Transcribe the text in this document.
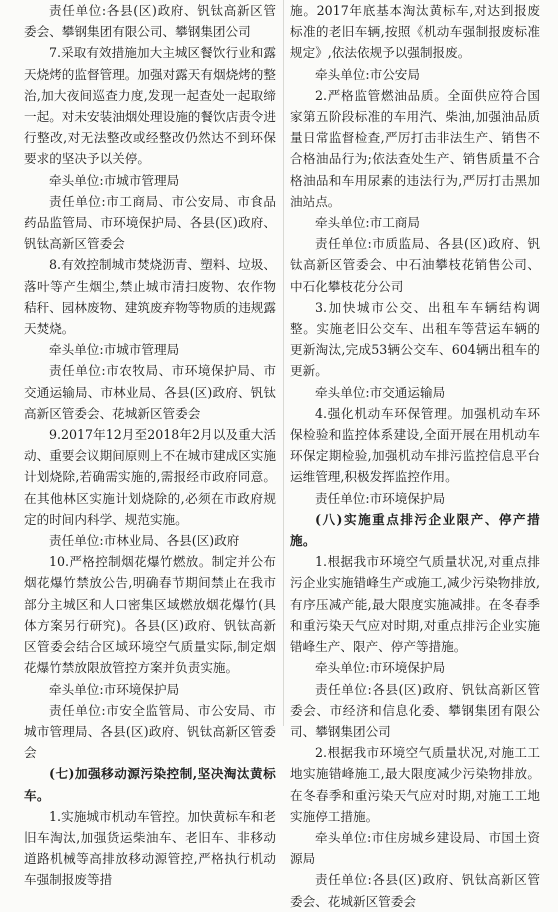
责任单位:各县(区)政府、钒钛高新区管委会、攀钢集团有限公司、攀钢集团公司

7.采取有效措施加大主城区餐饮行业和露天烧烤的监督管理。加强对露天有烟烧烤的整治,加大夜间巡查力度,发现一起查处一起取缔一起。对未安装油烟处理设施的餐饮店责令进行整改,对无法整改或经整改仍然达不到环保要求的坚决予以关停。

牵头单位:市城市管理局

责任单位:市工商局、市公安局、市食品药品监管局、市环境保护局、各县(区)政府、钒钛高新区管委会

8.有效控制城市焚烧沥青、塑料、垃圾、落叶等产生烟尘,禁止城市清扫废物、农作物秸秆、园林废物、建筑废弃物等物质的违规露天焚烧。

牵头单位:市城市管理局

责任单位:市农牧局、市环境保护局、市交通运输局、市林业局、各县(区)政府、钒钛高新区管委会、花城新区管委会

9.2017年12月至2018年2月以及重大活动、重要会议期间原则上不在城市建成区实施计划烧除,若确需实施的,需报经市政府同意。在其他林区实施计划烧除的,必须在市政府规定的时间内科学、规范实施。

责任单位:市林业局、各县(区)政府

10.严格控制烟花爆竹燃放。制定并公布烟花爆竹禁放公告,明确春节期间禁止在我市部分主城区和人口密集区域燃放烟花爆竹(具体方案另行研究)。各县(区)政府、钒钛高新区管委会结合区域环境空气质量实际,制定烟花爆竹禁放限放管控方案并负责实施。

牵头单位:市环境保护局

责任单位:市安全监管局、市公安局、市城市管理局、各县(区)政府、钒钛高新区管委会

(七)加强移动源污染控制,坚决淘汰黄标车。

1.实施城市机动车管控。加快黄标车和老旧车淘汰,加强货运柴油车、老旧车、非移动道路机械等高排放移动源管控,严格执行机动车强制报废等措

施。2017年底基本淘汰黄标车,对达到报废标准的老旧车辆,按照《机动车强制报废标准规定》,依法依规予以强制报废。

牵头单位:市公安局

2.严格监管燃油品质。全面供应符合国家第五阶段标准的车用汽、柴油,加强油品质量日常监督检查,严厉打击非法生产、销售不合格油品行为;依法查处生产、销售质量不合格油品和车用尿素的违法行为,严厉打击黑加油站点。

牵头单位:市工商局

责任单位:市质监局、各县(区)政府、钒钛高新区管委会、中石油攀枝花销售公司、中石化攀枝花分公司

3.加快城市公交、出租车车辆结构调整。实施老旧公交车、出租车等营运车辆的更新淘汰,完成53辆公交车、604辆出租车的更新。

牵头单位:市交通运输局

4.强化机动车环保管理。加强机动车环保检验和监控体系建设,全面开展在用机动车环保定期检验,加强机动车排污监控信息平台运维管理,积极发挥监控作用。

责任单位:市环境保护局

(八)实施重点排污企业限产、停产措施。

1.根据我市环境空气质量状况,对重点排污企业实施错峰生产或施工,减少污染物排放,有序压减产能,最大限度实施减排。在冬春季和重污染天气应对时期,对重点排污企业实施错峰生产、限产、停产等措施。

牵头单位:市环境保护局

责任单位:各县(区)政府、钒钛高新区管委会、市经济和信息化委、攀钢集团有限公司、攀钢集团公司

2.根据我市环境空气质量状况,对施工工地实施错峰施工,最大限度减少污染物排放。在冬春季和重污染天气应对时期,对施工工地实施停工措施。

牵头单位:市住房城乡建设局、市国土资源局

责任单位:各县(区)政府、钒钛高新区管委会、花城新区管委会
